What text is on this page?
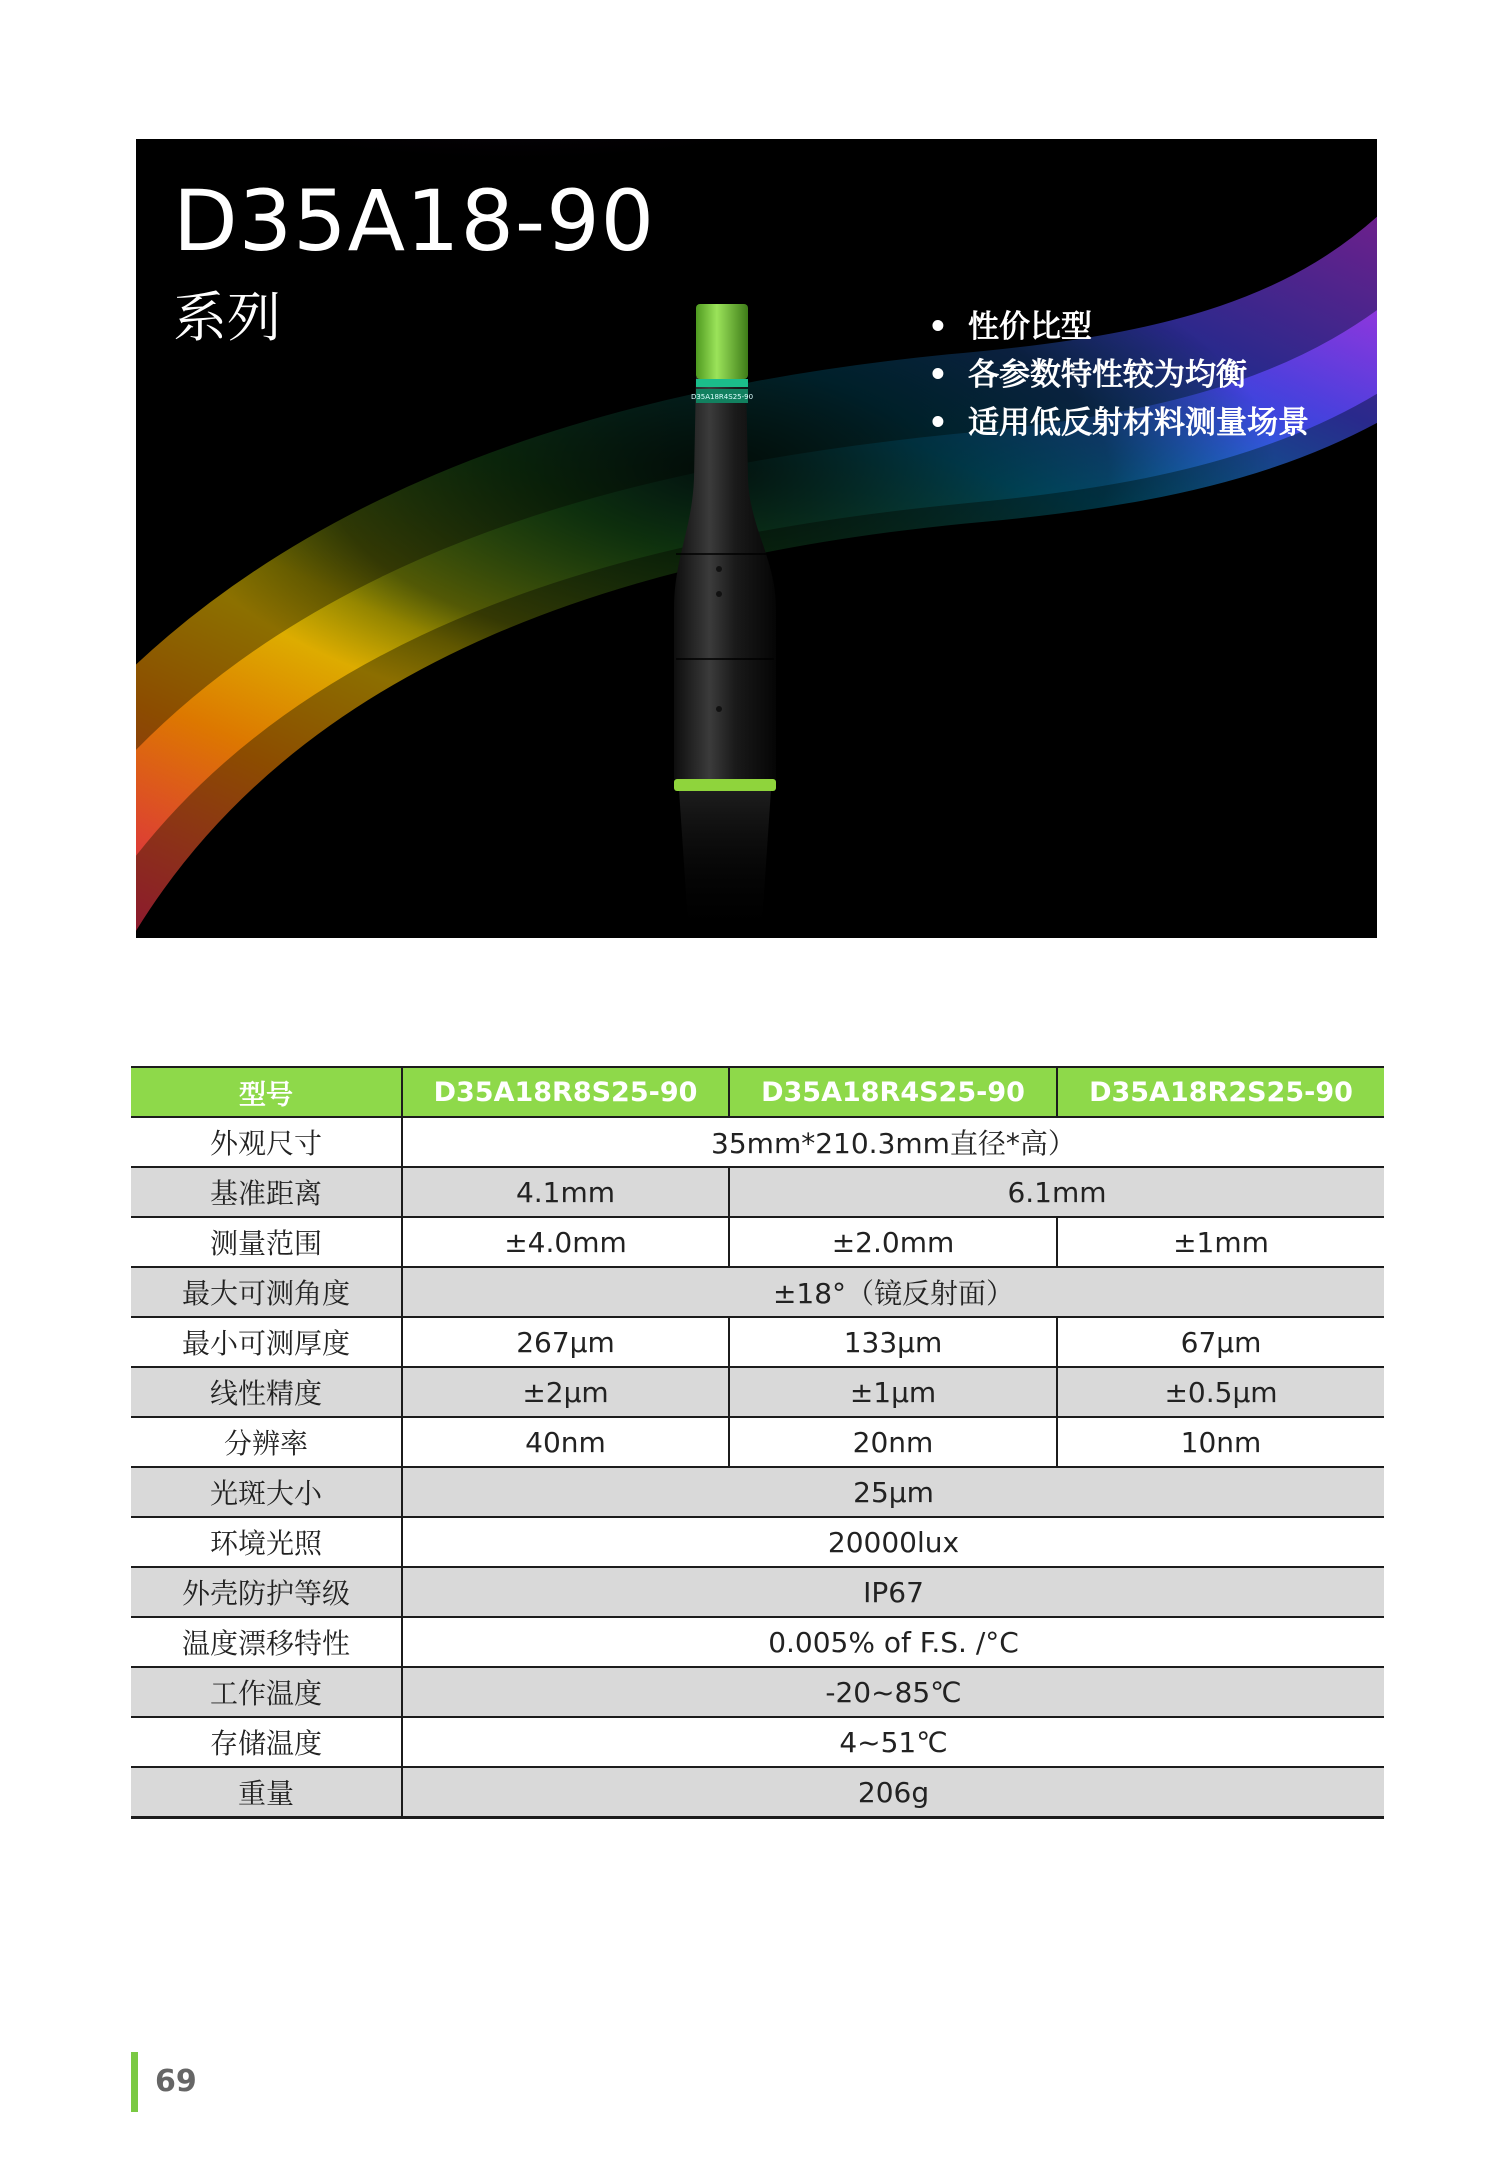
D35A18R4S25-90
D35A18-90
系列	• 性价比型
• 各参数特性较为均衡
• 适用低反射材料测量场景
型号	D35A18R8S25-90	D35A18R4S25-90	D35A18R2S25-90
外观尺寸	35mm*210.3mm直径*高）		
基准距离	4.1mm	6.1mm	
测量范围	±4.0mm	±2.0mm	±1mm
最大可测角度	±18°（镜反射面）		
最小可测厚度	267μm	133μm	67μm
线性精度	±2μm	±1μm	±0.5μm
分辨率	40nm	20nm	10nm
光斑大小	25μm		
环境光照	20000lux		
外壳防护等级	IP67		
温度漂移特性	0.005% of F.S. /°C		
工作温度	-20~85℃		
存储温度	4~51℃		
重量	206g		
69
